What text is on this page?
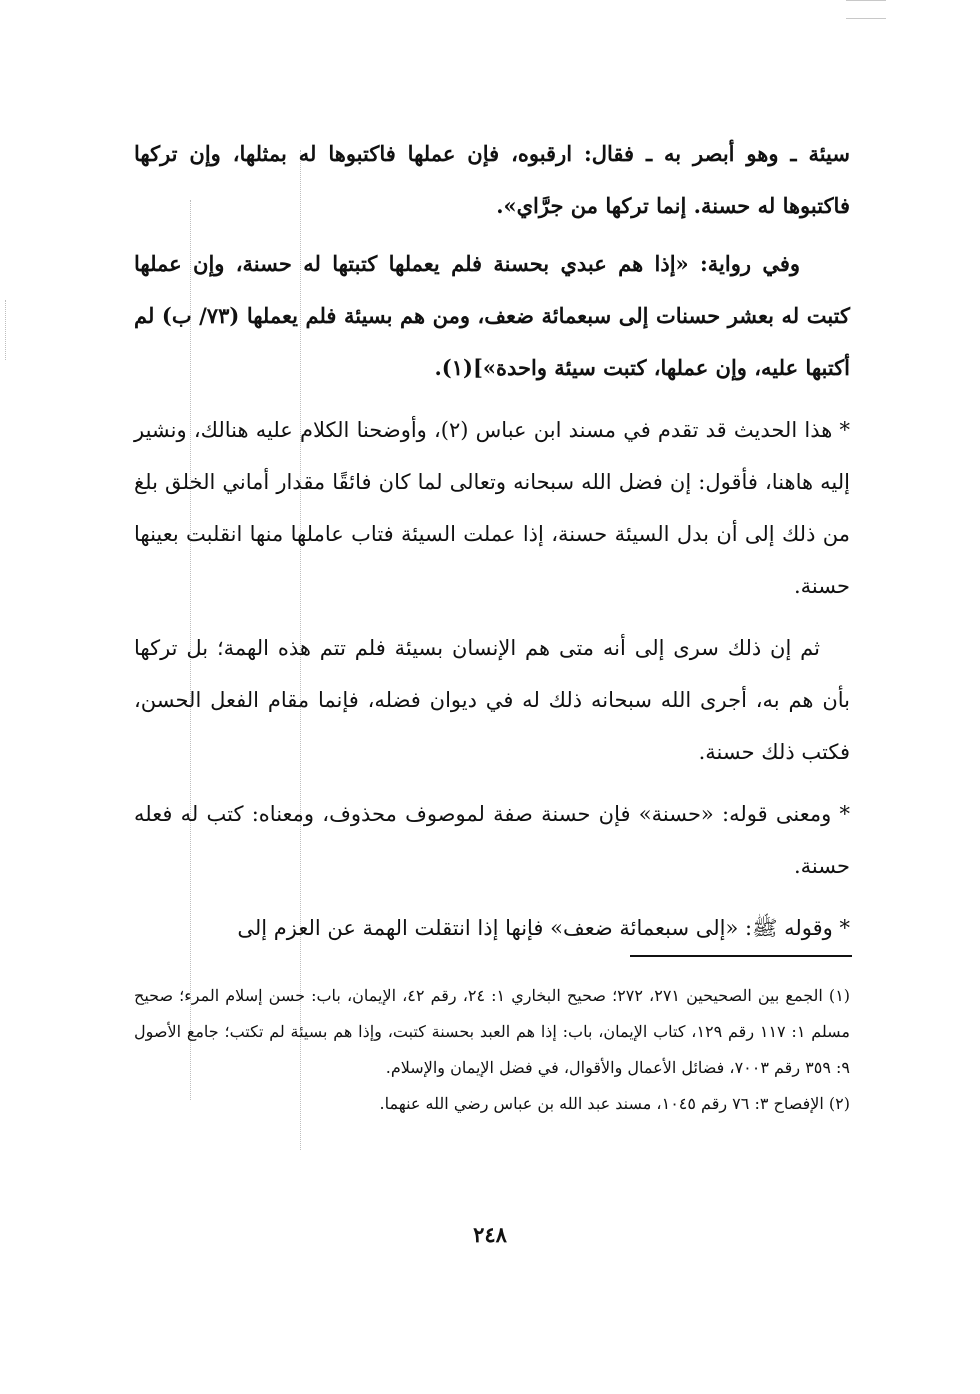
سيئة ـ وهو أبصر به ـ فقال: ارقبوه، فإن عملها فاكتبوها له بمثلها، وإن تركها فاكتبوها له حسنة. إنما تركها من جرَّاي».

وفي رواية: «إذا هم عبدي بحسنة فلم يعملها كتبتها له حسنة، وإن عملها كتبت له بعشر حسنات إلى سبعمائة ضعف، ومن هم بسيئة فلم يعملها (٧٣/ ب) لم أكتبها عليه، وإن عملها، كتبت سيئة واحدة»](١).

* هذا الحديث قد تقدم في مسند ابن عباس (٢)، وأوضحنا الكلام عليه هنالك، ونشير إليه هاهنا، فأقول: إن فضل الله سبحانه وتعالى لما كان فائقًا مقدار أماني الخلق بلغ من ذلك إلى أن بدل السيئة حسنة، إذا عملت السيئة فتاب عاملها منها انقلبت بعينها حسنة.

ثم إن ذلك سرى إلى أنه متى هم الإنسان بسيئة فلم تتم هذه الهمة؛ بل تركها بأن هم به، أجرى الله سبحانه ذلك له في ديوان فضله، فإنما مقام الفعل الحسن، فكتب ذلك حسنة.

* ومعنى قوله: «حسنة» فإن حسنة صفة لموصوف محذوف، ومعناه: كتب له فعله حسنة.

* وقوله ﷺ: «إلى سبعمائة ضعف» فإنها إذا انتقلت الهمة عن العزم إلى

(١) الجمع بين الصحيحين ٢٧١، ٢٧٢؛ صحيح البخاري ١: ٢٤، رقم ٤٢، الإيمان، باب: حسن إسلام المرء؛ صحيح مسلم ١: ١١٧ رقم ١٢٩، كتاب الإيمان، باب: إذا هم العبد بحسنة كتبت، وإذا هم بسيئة لم تكتب؛ جامع الأصول ٩: ٣٥٩ رقم ٧٠٠٣، فضائل الأعمال والأقوال، في فضل الإيمان والإسلام.

(٢) الإفصاح ٣: ٧٦ رقم ١٠٤٥، مسند عبد الله بن عباس رضي الله عنهما.

٢٤٨
